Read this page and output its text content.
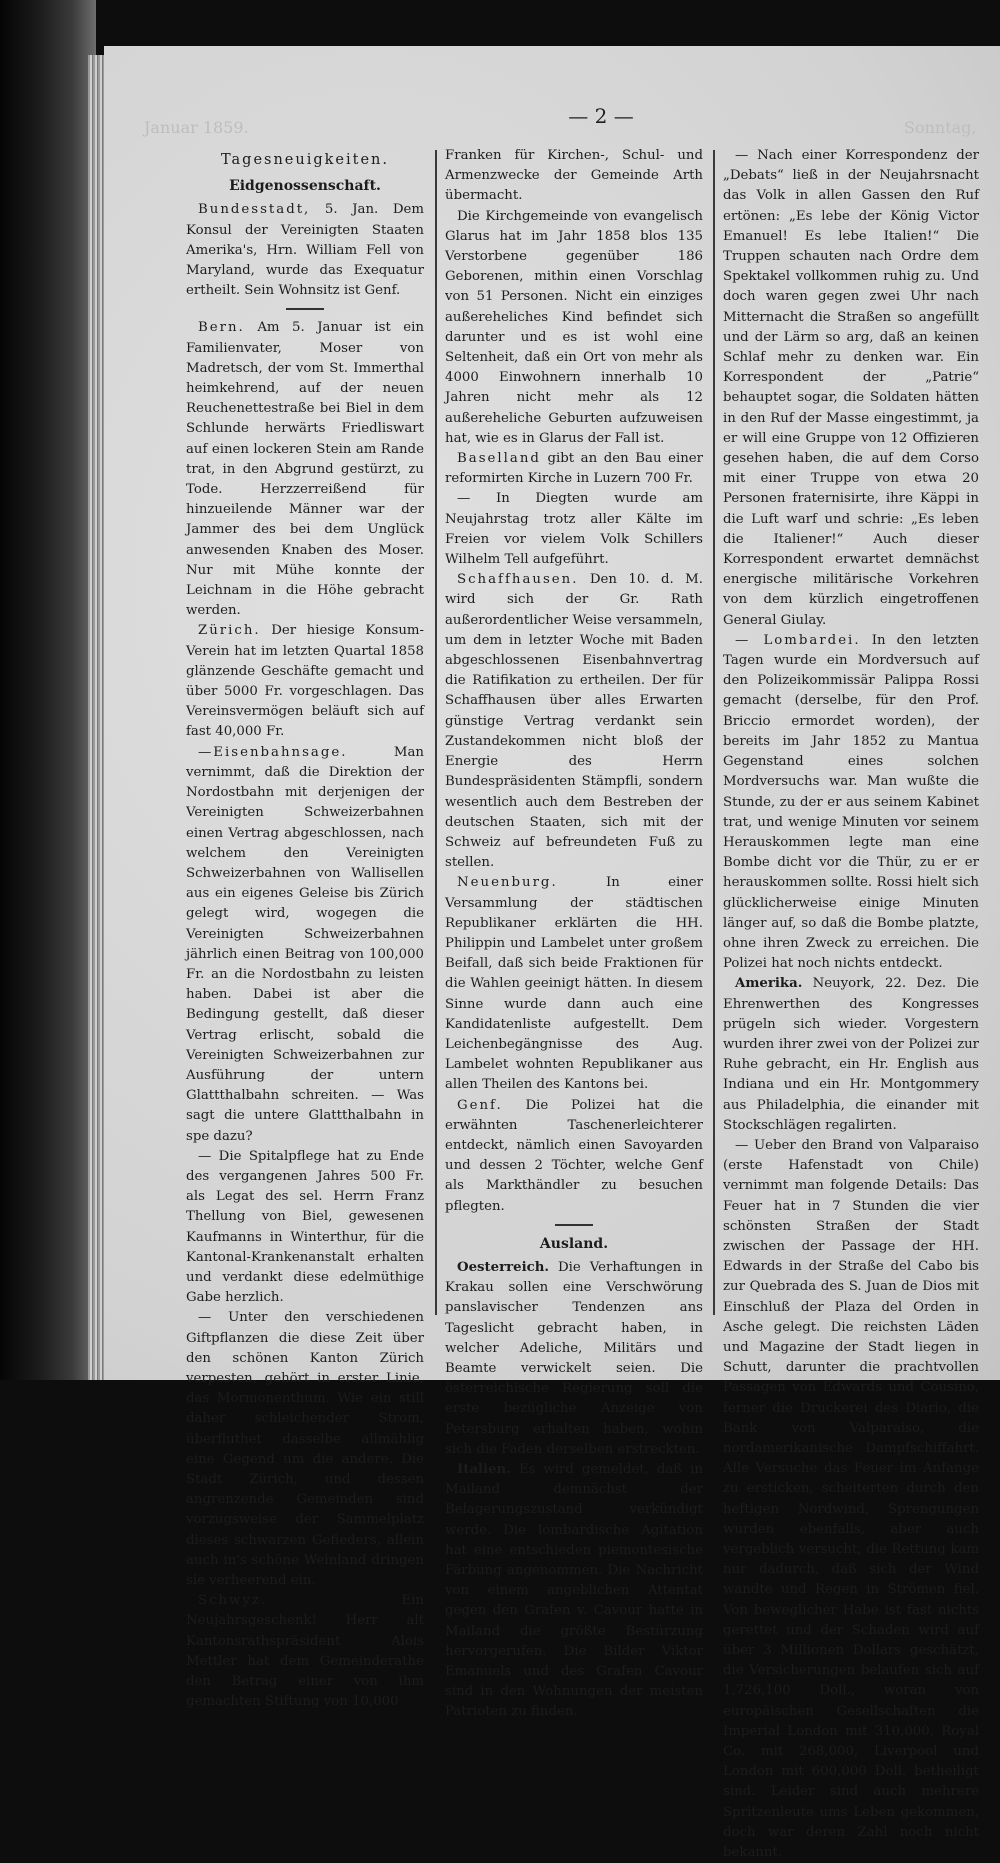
Januar 1859.	Sonntag,
— 2 —
Tagesneuigkeiten.
Eidgenossenschaft.

Bundesstadt, 5. Jan. Dem Konsul der Vereinigten Staaten Amerika's, Hrn. William Fell von Maryland, wurde das Exequatur ertheilt. Sein Wohnsitz ist Genf.

Bern. Am 5. Januar ist ein Familienvater, Moser von Madretsch, der vom St. Immerthal heimkehrend, auf der neuen Reuchenettestraße bei Biel in dem Schlunde herwärts Friedliswart auf einen lockeren Stein am Rande trat, in den Abgrund gestürzt, zu Tode. Herzzerreißend für hinzueilende Männer war der Jammer des bei dem Unglück anwesenden Knaben des Moser. Nur mit Mühe konnte der Leichnam in die Höhe gebracht werden.

Zürich. Der hiesige Konsum-Verein hat im letzten Quartal 1858 glänzende Geschäfte gemacht und über 5000 Fr. vorgeschlagen. Das Vereinsvermögen beläuft sich auf fast 40,000 Fr.

—Eisenbahnsage.	Man vernimmt, daß die Direktion der Nordostbahn mit derjenigen der Vereinigten Schweizerbahnen einen Vertrag abgeschlossen, nach welchem den Vereinigten Schweizerbahnen von Wallisellen aus ein eigenes Geleise bis Zürich gelegt wird, wogegen die Vereinigten Schweizerbahnen jährlich einen Beitrag von 100,000 Fr. an die Nordostbahn zu leisten haben. Dabei ist aber die Bedingung gestellt, daß dieser Vertrag erlischt, sobald die Vereinigten Schweizerbahnen zur Ausführung der untern Glattthalbahn schreiten. — Was sagt die untere Glattthalbahn in spe dazu?

— Die Spitalpflege hat zu Ende des vergangenen Jahres 500 Fr. als Legat des sel. Herrn Franz Thellung von Biel, gewesenen Kaufmanns in Winterthur, für die Kantonal-Krankenanstalt erhalten und verdankt diese edelmüthige Gabe herzlich.

— Unter den verschiedenen Giftpflanzen die diese Zeit über den schönen Kanton Zürich verpesten, gehört in erster Linie, das Mormonenthum. Wie ein still daher schleichender Strom, überfluthet dasselbe allmählig eine Gegend um die andere. Die Stadt Zürich, und dessen angrenzende Gemeinden sind vorzugsweise der Sammelplatz dieses schwarzen Gefieders, allein auch in's schöne Weinland dringen sie verheerend ein.

Schwyz.	Ein Neujahrsgeschenk! Herr alt Kantonsrathspräsident Alois Mettler hat dem Gemeinderathe den Betrag einer von ihm gemachten Stiftung von 10,000

Franken für Kirchen-, Schul- und Armenzwecke der Gemeinde Arth übermacht.

Die Kirchgemeinde von evangelisch Glarus hat im Jahr 1858 blos 135 Verstorbene gegenüber 186 Geborenen, mithin einen Vorschlag von 51 Personen. Nicht ein einziges außereheliches Kind befindet sich darunter und es ist wohl eine Seltenheit, daß ein Ort von mehr als 4000 Einwohnern innerhalb 10 Jahren nicht mehr als 12 außereheliche Geburten aufzuweisen hat, wie es in Glarus der Fall ist.

Baselland gibt an den Bau einer reformirten Kirche in Luzern 700 Fr.

— In Diegten wurde am Neujahrstag trotz aller Kälte im Freien vor vielem Volk Schillers Wilhelm Tell aufgeführt.

Schaffhausen. Den 10. d. M. wird sich der Gr. Rath außerordentlicher Weise versammeln, um dem in letzter Woche mit Baden abgeschlossenen Eisenbahnvertrag die Ratifikation zu ertheilen. Der für Schaffhausen über alles Erwarten günstige Vertrag verdankt sein Zustandekommen nicht bloß der Energie des Herrn Bundespräsidenten Stämpfli, sondern wesentlich auch dem Bestreben der deutschen Staaten, sich mit der Schweiz auf befreundeten Fuß zu stellen.

Neuenburg.	In einer Versammlung der städtischen Republikaner erklärten die HH. Philippin und Lambelet unter großem Beifall, daß sich beide Fraktionen für die Wahlen geeinigt hätten. In diesem Sinne wurde dann auch eine Kandidatenliste aufgestellt. Dem Leichenbegängnisse des Aug. Lambelet wohnten Republikaner aus allen Theilen des Kantons bei.

Genf. Die Polizei hat die erwähnten Taschenerleichterer entdeckt, nämlich einen Savoyarden und dessen 2 Töchter, welche Genf als Markthändler zu besuchen pflegten.

Ausland.

Oesterreich. Die Verhaftungen in Krakau sollen eine Verschwörung panslavischer Tendenzen ans Tageslicht gebracht haben, in welcher Adeliche, Militärs und Beamte verwickelt seien. Die österreichische Regierung soll die erste bezügliche Anzeige von Petersburg erhalten haben, wohin sich die Faden derselben erstreckten.

Italien. Es wird gemeldet, daß in Mailand demnächst der Belagerungszustand verkündigt werde. Die lombardische Agitation hat eine entschieden piemontesische Färbung angenommen. Die Nachricht von einem angeblichen Attentat gegen den Grafen v. Cavour hatte in Mailand die größte Bestürzung hervorgerufen. Die Bilder Viktor Emanuels und des Grafen Cavour sind in den Wohnungen der meisten Patrioten zu finden.

— Nach einer Korrespondenz der „Debats“ ließ in der Neujahrsnacht das Volk in allen Gassen den Ruf ertönen: „Es lebe der König Victor Emanuel! Es lebe Italien!“ Die Truppen schauten nach Ordre dem Spektakel vollkommen ruhig zu. Und doch waren gegen zwei Uhr nach Mitternacht die Straßen so angefüllt und der Lärm so arg, daß an keinen Schlaf mehr zu denken war. Ein Korrespondent der „Patrie“ behauptet sogar, die Soldaten hätten in den Ruf der Masse eingestimmt, ja er will eine Gruppe von 12 Offizieren gesehen haben, die auf dem Corso mit einer Truppe von etwa 20 Personen fraternisirte, ihre Käppi in die Luft warf und schrie: „Es leben die Italiener!“ Auch dieser Korrespondent erwartet demnächst energische militärische Vorkehren von dem kürzlich eingetroffenen General Giulay.

— Lombardei. In den letzten Tagen wurde ein Mordversuch auf den Polizeikommissär Palippa Rossi gemacht (derselbe, für den Prof. Briccio ermordet worden), der bereits im Jahr 1852 zu Mantua Gegenstand eines solchen Mordversuchs war. Man wußte die Stunde, zu der er aus seinem Kabinet trat, und wenige Minuten vor seinem Herauskommen legte man eine Bombe dicht vor die Thür, zu er er herauskommen sollte. Rossi hielt sich glücklicherweise einige Minuten länger auf, so daß die Bombe platzte, ohne ihren Zweck zu erreichen. Die Polizei hat noch nichts entdeckt.

Amerika. Neuyork, 22. Dez. Die Ehrenwerthen des Kongresses prügeln sich wieder. Vorgestern wurden ihrer zwei von der Polizei zur Ruhe gebracht, ein Hr. English aus Indiana und ein Hr. Montgommery aus Philadelphia, die einander mit Stockschlägen regalirten.

— Ueber den Brand von Valparaiso (erste Hafenstadt von Chile) vernimmt man folgende Details: Das Feuer hat in 7 Stunden die vier schönsten Straßen der Stadt zwischen der Passage der HH. Edwards in der Straße del Cabo bis zur Quebrada des S. Juan de Dios mit Einschluß der Plaza del Orden in Asche gelegt. Die reichsten Läden und Magazine der Stadt liegen in Schutt, darunter die prachtvollen Passagen von Edwards und Cousino, ferner die Druckerei des Diario, die Bank von Valparaiso, die nordamerikanische Dampfschiffahrt. Alle Versuche das Feuer im Anfange zu ersticken, scheiterten durch den heftigen Nordwind, Sprengungen wurden ebenfalls, aber auch vergeblich versucht, die Rettung kam nur dadurch, daß sich der Wind wandte und Regen in Strömen fiel. Von beweglicher Habe ist fast nichts gerettet und der Schaden wird auf über 3 Millionen Dollars geschätzt, die Versicherungen belaufen sich auf 1,726,100 Doll., woran von europäischen Gesellschaften die Imperial London mit 310,000, Royal Co. mit 268,000, Liverpool und London mit 600,000 Doll. betheiligt sind. Leider sind auch mehrere Spritzenleute ums Leben gekommen, doch war deren Zahl noch nicht bekannt.
